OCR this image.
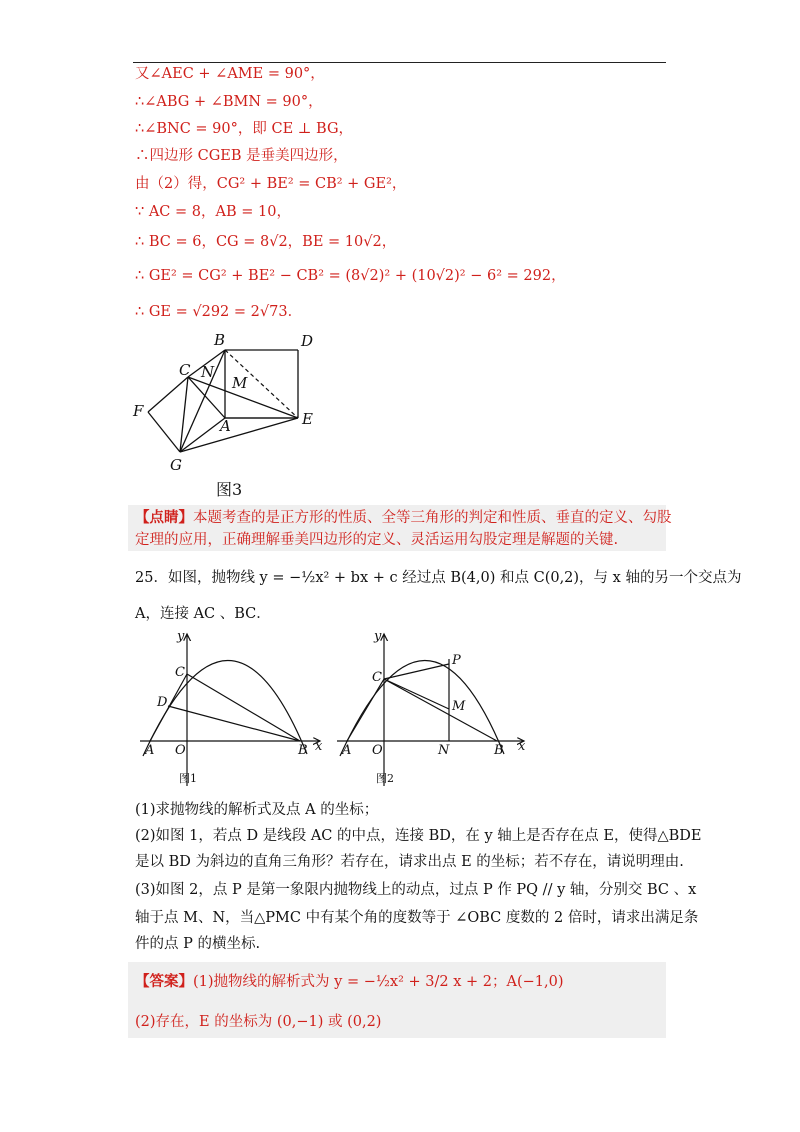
又∠AEC + ∠AME = 90°，
∴∠ABG + ∠BMN = 90°，
∴∠BNC = 90°，即 CE ⊥ BG，
∴四边形 CGEB 是垂美四边形，
由（2）得，CG² + BE² = CB² + GE²，
∵ AC = 8，AB = 10，
∴ BC = 6，CG = 8√2，BE = 10√2，
∴ GE² = CG² + BE² − CB² = (8√2)² + (10√2)² − 6² = 292，
∴ GE = √292 = 2√73．
B	D
C N
M
F
A	E
G
图3
【点睛】本题考查的是正方形的性质、全等三角形的判定和性质、垂直的定义、勾股
定理的应用，正确理解垂美四边形的定义、灵活运用勾股定理是解题的关键.
25．如图，抛物线 y = −½x² + bx + c 经过点 B(4,0) 和点 C(0,2)，与 x 轴的另一个交点为
A，连接 AC 、BC．
y
x
C
D
A O	B
图1
y
x
C
P
M
A O	N	B
图2
(1)求抛物线的解析式及点 A 的坐标；
(2)如图 1，若点 D 是线段 AC 的中点，连接 BD，在 y 轴上是否存在点 E，使得△BDE
是以 BD 为斜边的直角三角形？若存在，请求出点 E 的坐标；若不存在，请说明理由.
(3)如图 2，点 P 是第一象限内抛物线上的动点，过点 P 作 PQ // y 轴，分别交 BC 、x
轴于点 M、N，当△PMC 中有某个角的度数等于 ∠OBC 度数的 2 倍时，请求出满足条
件的点 P 的横坐标.
【答案】(1)抛物线的解析式为 y = −½x² + 3/2 x + 2；A(−1,0)
(2)存在，E 的坐标为 (0,−1) 或 (0,2)
